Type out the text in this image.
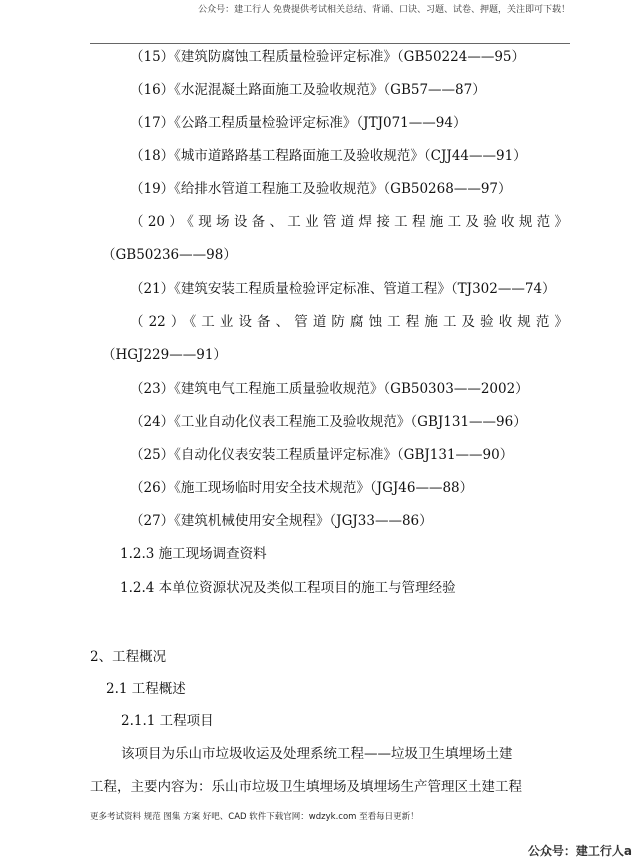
公众号：建工行人 免费提供考试相关总结、背诵、口诀、习题、试卷、押题，关注即可下载！
（15）《建筑防腐蚀工程质量检验评定标准》（GB50224——95）
（16）《水泥混凝土路面施工及验收规范》（GB57——87）
（17）《公路工程质量检验评定标准》（JTJ071——94）
（18）《城市道路路基工程路面施工及验收规范》（CJJ44——91）
（19）《给排水管道工程施工及验收规范》（GB50268——97）
（20）《现场设备、工业管道焊接工程施工及验收规范》
（GB50236——98）
（21）《建筑安装工程质量检验评定标准、管道工程》（TJ302——74）
（22）《工业设备、管道防腐蚀工程施工及验收规范》
（HGJ229——91）
（23）《建筑电气工程施工质量验收规范》（GB50303——2002）
（24）《工业自动化仪表工程施工及验收规范》（GBJ131——96）
（25）《自动化仪表安装工程质量评定标准》（GBJ131——90）
（26）《施工现场临时用安全技术规范》（JGJ46——88）
（27）《建筑机械使用安全规程》（JGJ33——86）
1.2.3 施工现场调查资料
1.2.4 本单位资源状况及类似工程项目的施工与管理经验
2、工程概况
2.1 工程概述
2.1.1 工程项目
该项目为乐山市垃圾收运及处理系统工程——垃圾卫生填埋场土建
工程，主要内容为：乐山市垃圾卫生填埋场及填埋场生产管理区土建工程
更多考试资料 规范 图集 方案 好吧、CAD 软件下载官网：wdzyk.com 至看每日更新！
公众号：建工行人a
